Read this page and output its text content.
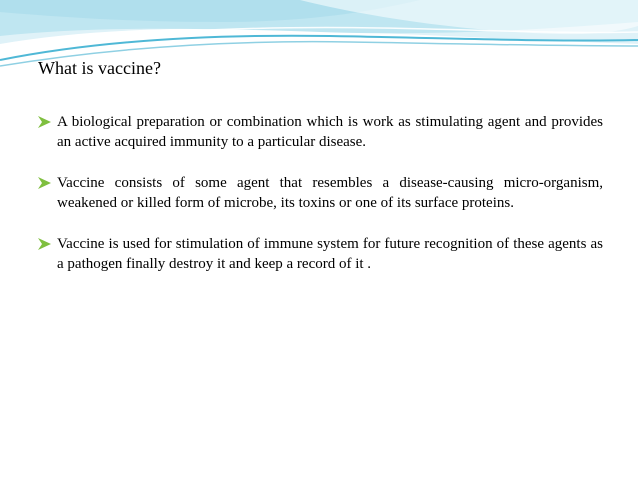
What is vaccine?
A biological preparation or combination which is work as stimulating agent and provides an active acquired immunity to a particular disease.
Vaccine consists of some agent that resembles a disease-causing micro-organism, weakened or killed form of microbe, its toxins or one of its surface proteins.
Vaccine is used for stimulation of immune system for future recognition of these agents as a pathogen finally destroy it and keep a record of it .
